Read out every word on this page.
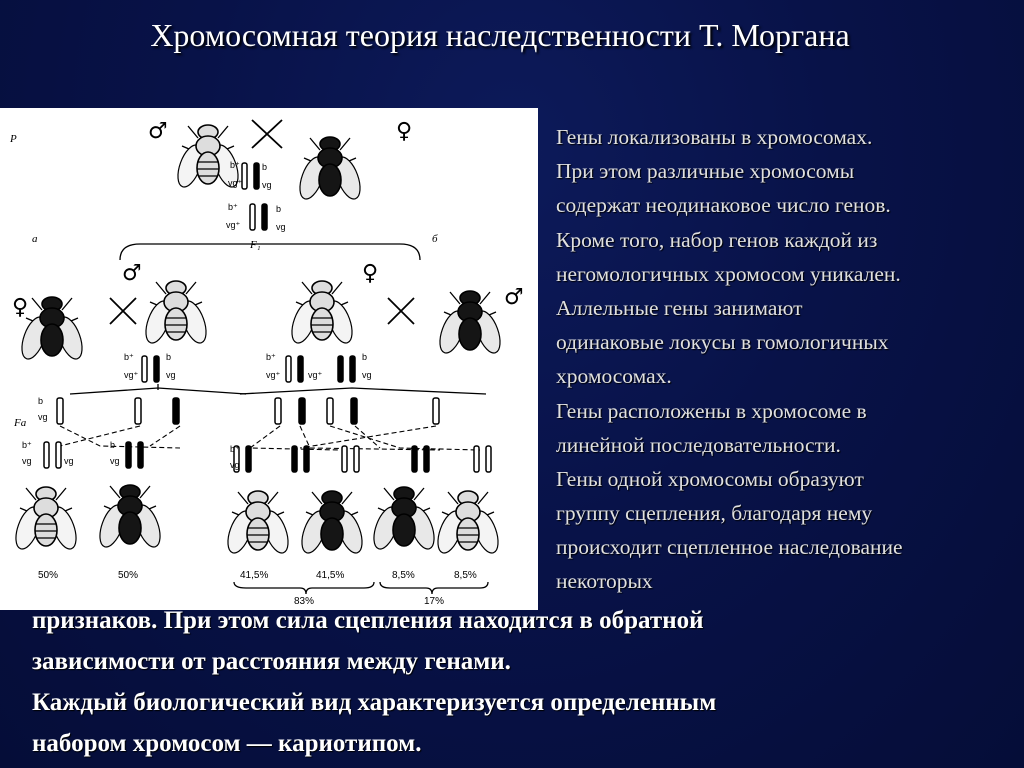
Хромосомная теория наследственности Т. Моргана
P	♂	♀
b⁺
vg⁺
b
vg
b⁺
vg⁺
b
vg
а	б
F₁
♂
♀
♀
♂
b⁺
vg⁺
b
vg
b⁺
vg⁺	vg⁺
b
vg
Fа
b
vg
b⁺
vg	vg
b
vg
b⁺
vg
50%	50%	41,5%	41,5%	8,5%	8,5%
83%	17%
Гены локализованы в хромосомах.
При этом различные хромосомы
содержат неодинаковое число генов.
Кроме того, набор генов каждой из
негомологичных хромосом уникален.
Аллельные гены занимают
одинаковые локусы в гомологичных
хромосомах.
Гены расположены в хромосоме в
линейной последовательности.
Гены одной хромосомы образуют
группу сцепления, благодаря нему
происходит сцепленное наследование
некоторых
признаков. При этом сила сцепления находится в обратной
зависимости от расстояния между генами.
Каждый биологический вид характеризуется определенным
набором хромосом — кариотипом.
